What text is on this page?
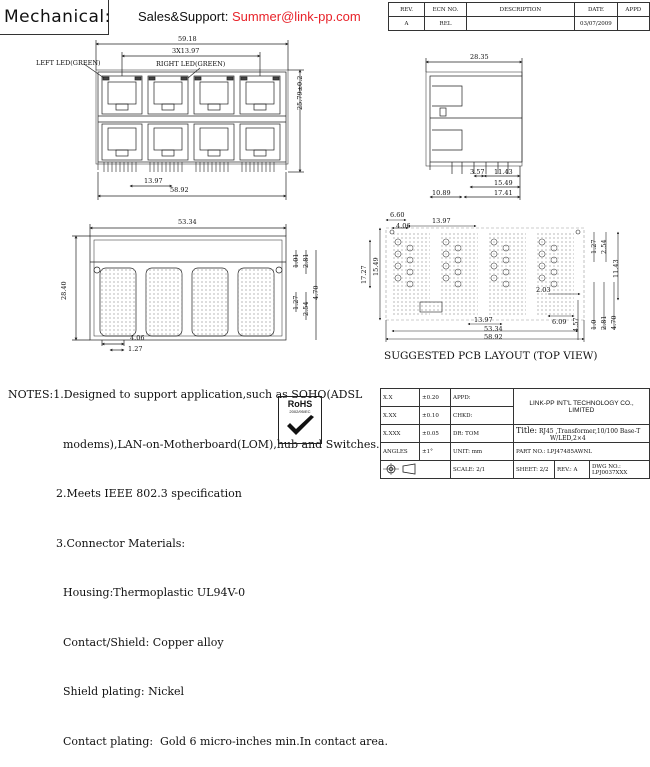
Mechanical: Sales&Support: Summer@link-pp.com	REV.	ECN NO.	DESCRIPTION	DATE	APPD
A	REL		03/07/2009	
59.18
3X13.97
LEFT LED(GREEN)	RIGHT LED(GREEN)
25.79±0.2
13.97
58.92
28.35
3.57 11.43
15.49
17.41
10.89
53.34
28.40
1.01 2.81
1.27 2.54
4.70
4.06
1.27
6.60
4.06
13.97
17.27 15.49
1.27 2.54
11.43
2.03
6.09 4.57 1.0 2.81 4.70
13.97
53.34
58.92
SUGGESTED PCB LAYOUT (TOP VIEW)

NOTES:1.Designed to support application,such as SOHO(ADSL

modems),LAN-on-Motherboard(LOM),hub and Switches.

2.Meets IEEE 802.3 specification

3.Connector Materials:

Housing:Thermoplastic UL94V-0

Contact/Shield: Copper alloy

Shield plating: Nickel

Contact plating:  Gold 6 micro-inches min.In contact area.

RoHS
2002/95/EC
X.X	±0.20	APPD:	LINK-PP INT'L TECHNOLOGY CO., LIMITED		
X.XX	±0.10	CHKD:			
X.XXX	±0.05	DR: TOM	Title: RJ45 ,Transformer,10/100 Base-T
W/LED,2×4		
ANGLES	±1°	UNIT: mm	PART NO.: LPJ47485AWNL		
	SCALE: 2/1	SHEET: 2/2	REV.: A	DWG NO.: LPJ0037XXX
